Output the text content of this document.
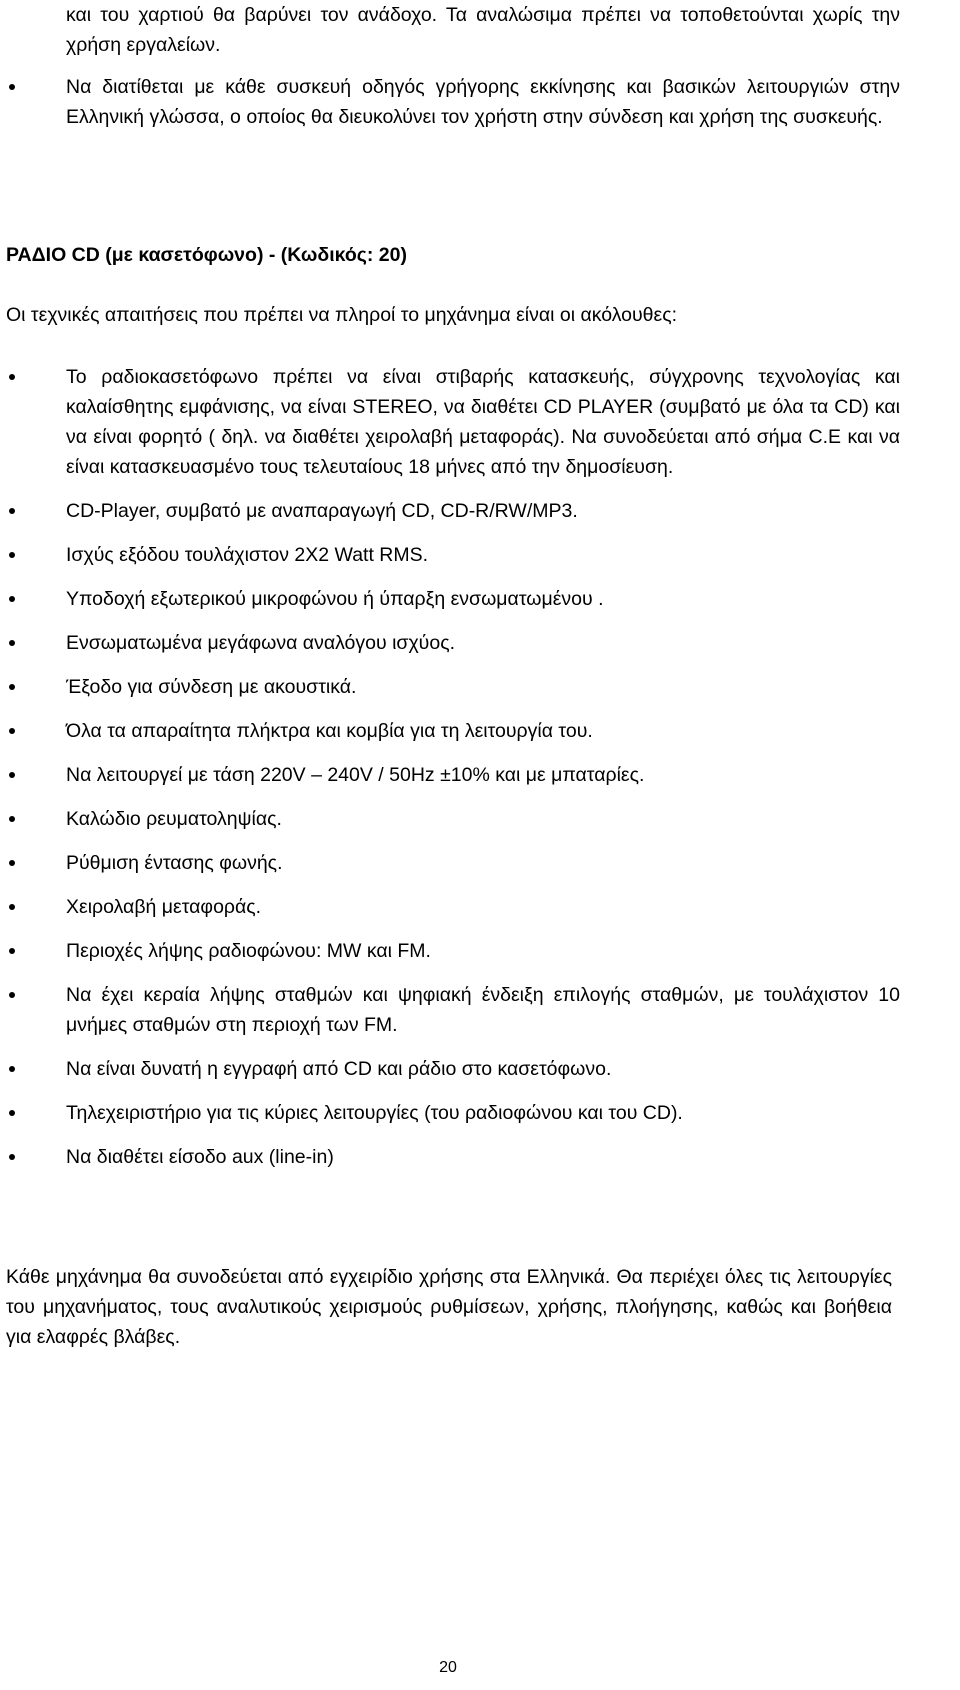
και του χαρτιού θα βαρύνει τον ανάδοχο. Τα αναλώσιμα πρέπει να τοποθετούνται χωρίς την χρήση εργαλείων.
Να διατίθεται με κάθε συσκευή οδηγός γρήγορης εκκίνησης και βασικών λειτουργιών στην Ελληνική γλώσσα, ο οποίος θα διευκολύνει τον χρήστη στην σύνδεση και χρήση της συσκευής.
ΡΑΔΙΟ CD (με κασετόφωνο) - (Κωδικός: 20)

Οι τεχνικές απαιτήσεις που πρέπει να πληροί το μηχάνημα είναι οι ακόλουθες:

Το ραδιοκασετόφωνο πρέπει να είναι στιβαρής κατασκευής, σύγχρονης τεχνολογίας και καλαίσθητης εμφάνισης, να είναι STEREO, να διαθέτει CD PLAYER (συμβατό με όλα τα CD) και να είναι φορητό ( δηλ. να διαθέτει χειρολαβή μεταφοράς). Να συνοδεύεται από σήμα C.E και να είναι κατασκευασμένο τους τελευταίους 18 μήνες από την δημοσίευση.
CD-Player, συμβατό με αναπαραγωγή CD, CD-R/RW/MP3.
Ισχύς εξόδου τουλάχιστον 2Χ2 Watt RMS.
Υποδοχή εξωτερικού μικροφώνου ή ύπαρξη ενσωματωμένου .
Ενσωματωμένα μεγάφωνα αναλόγου ισχύος.
Έξοδο για σύνδεση με ακουστικά.
Όλα τα απαραίτητα πλήκτρα και κομβία για τη λειτουργία του.
Να λειτουργεί με τάση 220V – 240V / 50Hz ±10% και με μπαταρίες.
Καλώδιο ρευματοληψίας.
Ρύθμιση έντασης φωνής.
Χειρολαβή μεταφοράς.
Περιοχές λήψης ραδιοφώνου: MW και FM.
Να έχει κεραία λήψης σταθμών και ψηφιακή ένδειξη επιλογής σταθμών, με τουλάχιστον 10 μνήμες σταθμών στη περιοχή των FM.
Να είναι δυνατή η εγγραφή από CD και ράδιο στο κασετόφωνο.
Τηλεχειριστήριο για τις κύριες λειτουργίες (του ραδιοφώνου και του CD).
Να διαθέτει είσοδο aux (line-in)

Κάθε μηχάνημα θα συνοδεύεται από εγχειρίδιο χρήσης στα Ελληνικά. Θα περιέχει όλες τις λειτουργίες του μηχανήματος, τους αναλυτικούς χειρισμούς ρυθμίσεων, χρήσης, πλοήγησης, καθώς και βοήθεια για ελαφρές βλάβες.

20
